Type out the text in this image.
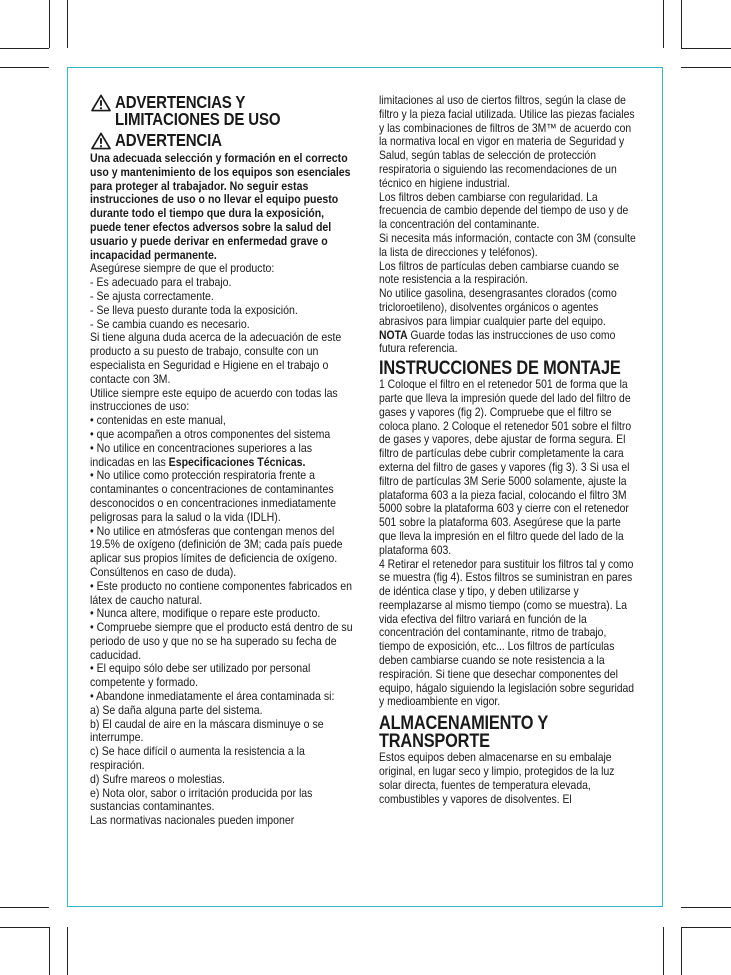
ADVERTENCIAS Y LIMITACIONES DE USO

ADVERTENCIA

Una adecuada selección y formación en el correcto uso y mantenimiento de los equipos son esenciales para proteger al trabajador. No seguir estas instrucciones de uso o no llevar el equipo puesto durante todo el tiempo que dura la exposición, puede tener efectos adversos sobre la salud del usuario y puede derivar en enfermedad grave o incapacidad permanente.

Asegúrese siempre de que el producto:

- Es adecuado para el trabajo.

- Se ajusta correctamente.

- Se lleva puesto durante toda la exposición.

- Se cambia cuando es necesario.

Si tiene alguna duda acerca de la adecuación de este producto a su puesto de trabajo, consulte con un especialista en Seguridad e Higiene en el trabajo o contacte con 3M.

Utilice siempre este equipo de acuerdo con todas las instrucciones de uso:

• contenidas en este manual,

• que acompañen a otros componentes del sistema

• No utilice en concentraciones superiores a las indicadas en las Especificaciones Técnicas.

• No utilice como protección respiratoria frente a contaminantes o concentraciones de contaminantes desconocidos o en concentraciones inmediatamente peligrosas para la salud o la vida (IDLH).

• No utilice en atmósferas que contengan menos del 19.5% de oxígeno (definición de 3M; cada país puede aplicar sus propios límites de deficiencia de oxígeno. Consúltenos en caso de duda).

• Este producto no contiene componentes fabricados en látex de caucho natural.

• Nunca altere, modifique o repare este producto.

• Compruebe siempre que el producto está dentro de su periodo de uso y que no se ha superado su fecha de caducidad.

• El equipo sólo debe ser utilizado por personal competente y formado.

• Abandone inmediatamente el área contaminada si:

a) Se daña alguna parte del sistema.

b) El caudal de aire en la máscara disminuye o se interrumpe.

c) Se hace difícil o aumenta la resistencia a la respiración.

d) Sufre mareos o molestias.

e) Nota olor, sabor o irritación producida por las sustancias contaminantes.

Las normativas nacionales pueden imponer

limitaciones al uso de ciertos filtros, según la clase de filtro y la pieza facial utilizada. Utilice las piezas faciales y las combinaciones de filtros de 3M™ de acuerdo con la normativa local en vigor en materia de Seguridad y Salud, según tablas de selección de protección respiratoria o siguiendo las recomendaciones de un técnico en higiene industrial.

Los filtros deben cambiarse con regularidad. La frecuencia de cambio depende del tiempo de uso y de la concentración del contaminante.

Si necesita más información, contacte con 3M (consulte la lista de direcciones y teléfonos).

Los filtros de partículas deben cambiarse cuando se note resistencia a la respiración.

No utilice gasolina, desengrasantes clorados (como tricloroetileno), disolventes orgánicos o agentes abrasivos para limpiar cualquier parte del equipo.

NOTA Guarde todas las instrucciones de uso como futura referencia.

INSTRUCCIONES DE MONTAJE

1 Coloque el filtro en el retenedor 501 de forma que la parte que lleva la impresión quede del lado del filtro de gases y vapores (fig 2). Compruebe que el filtro se coloca plano. 2 Coloque el retenedor 501 sobre el filtro de gases y vapores, debe ajustar de forma segura. El filtro de partículas debe cubrir completamente la cara externa del filtro de gases y vapores (fig 3). 3 Si usa el filtro de partículas 3M Serie 5000 solamente, ajuste la plataforma 603 a la pieza facial, colocando el filtro 3M 5000 sobre la plataforma 603 y cierre con el retenedor 501 sobre la plataforma 603. Asegúrese que la parte que lleva la impresión en el filtro quede del lado de la plataforma 603.

4 Retirar el retenedor para sustituir los filtros tal y como se muestra (fig 4). Estos filtros se suministran en pares de idéntica clase y tipo, y deben utilizarse y reemplazarse al mismo tiempo (como se muestra). La vida efectiva del filtro variará en función de la concentración del contaminante, ritmo de trabajo, tiempo de exposición, etc... Los filtros de partículas deben cambiarse cuando se note resistencia a la respiración. Si tiene que desechar componentes del equipo, hágalo siguiendo la legislación sobre seguridad y medioambiente en vigor.

ALMACENAMIENTO Y TRANSPORTE

Estos equipos deben almacenarse en su embalaje original, en lugar seco y limpio, protegidos de la luz solar directa, fuentes de temperatura elevada, combustibles y vapores de disolventes. El
